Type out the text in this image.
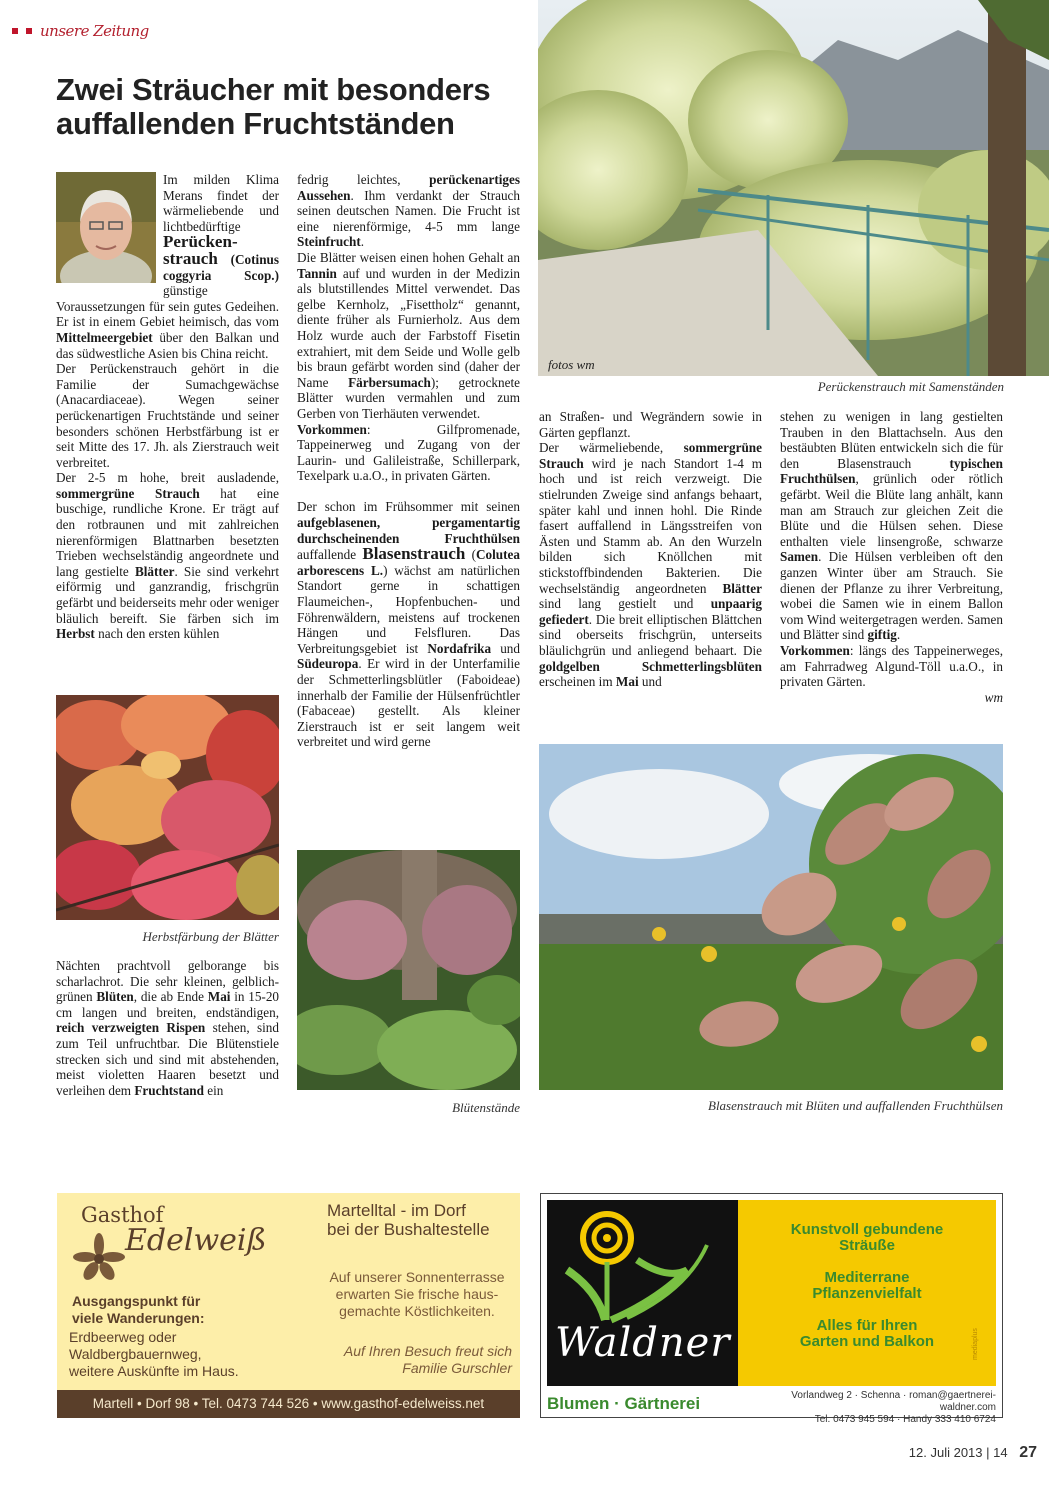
unsere Zeitung
Zwei Sträucher mit besonders
auffallenden Fruchtständen
fotos wm
Perückenstrauch mit Samenständen

Im milden Klima Merans findet der wärmeliebende und lichtbedürftige Perückenstrauch (Cotinus coggyria Scop.) günstige Voraussetzungen für sein gutes Gedeihen. Er ist in einem Gebiet heimisch, das vom Mittelmeergebiet über den Balkan und das südwestliche Asien bis China reicht.

Der Perückenstrauch gehört in die Familie der Sumachgewächse (Anacardiaceae). Wegen seiner perückenartigen Fruchtstände und seiner besonders schönen Herbstfärbung ist er seit Mitte des 17. Jh. als Zierstrauch weit verbreitet.

Der 2-5 m hohe, breit ausladende, sommergrüne Strauch hat eine buschige, rundliche Krone. Er trägt auf den rotbraunen und mit zahlreichen nierenförmigen Blattnarben besetzten Trieben wechselständig angeordnete und lang gestielte Blätter. Sie sind verkehrt eiförmig und ganzrandig, frischgrün gefärbt und beiderseits mehr oder weniger bläulich bereift. Sie färben sich im Herbst nach den ersten kühlen

Herbstfärbung der Blätter

Nächten prachtvoll gelborange bis scharlachrot. Die sehr kleinen, gelblich-grünen Blüten, die ab Ende Mai in 15-20 cm langen und breiten, endständigen, reich verzweigten Rispen stehen, sind zum Teil unfruchtbar. Die Blütenstiele strecken sich und sind mit abstehenden, meist violetten Haaren besetzt und verleihen dem Fruchtstand ein

fedrig leichtes, perückenartiges Aussehen. Ihm verdankt der Strauch seinen deutschen Namen. Die Frucht ist eine nierenförmige, 4-5 mm lange Steinfrucht.

Die Blätter weisen einen hohen Gehalt an Tannin auf und wurden in der Medizin als blutstillendes Mittel verwendet. Das gelbe Kernholz, „Fisettholz“ genannt, diente früher als Furnierholz. Aus dem Holz wurde auch der Farbstoff Fisetin extrahiert, mit dem Seide und Wolle gelb bis braun gefärbt worden sind (daher der Name Färbersumach); getrocknete Blätter wurden vermahlen und zum Gerben von Tierhäuten verwendet.

Vorkommen: Gilfpromenade, Tappeinerweg und Zugang von der Laurin- und Galileistraße, Schillerpark, Texelpark u.a.O., in privaten Gärten.

Der schon im Frühsommer mit seinen aufgeblasenen, pergamentartig durchscheinenden Fruchthülsen auffallende Blasenstrauch (Colutea arborescens L.) wächst am natürlichen Standort gerne in schattigen Flaumeichen-, Hopfenbuchen- und Föhrenwäldern, meistens auf trockenen Hängen und Felsfluren. Das Verbreitungsgebiet ist Nordafrika und Südeuropa. Er wird in der Unterfamilie der Schmetterlingsblütler (Faboideae) innerhalb der Familie der Hülsenfrüchtler (Fabaceae) gestellt. Als kleiner Zierstrauch ist er seit langem weit verbreitet und wird gerne

Blütenstände

an Straßen- und Wegrändern sowie in Gärten gepflanzt.

Der wärmeliebende, sommergrüne Strauch wird je nach Standort 1-4 m hoch und ist reich verzweigt. Die stielrunden Zweige sind anfangs behaart, später kahl und innen hohl. Die Rinde fasert auffallend in Längsstreifen von Ästen und Stamm ab. An den Wurzeln bilden sich Knöllchen mit stickstoffbindenden Bakterien. Die wechselständig angeordneten Blätter sind lang gestielt und unpaarig gefiedert. Die breit elliptischen Blättchen sind oberseits frischgrün, unterseits bläulichgrün und anliegend behaart. Die goldgelben Schmetterlingsblüten erscheinen im Mai und

stehen zu wenigen in lang gestielten Trauben in den Blattachseln. Aus den bestäubten Blüten entwickeln sich die für den Blasenstrauch typischen Fruchthülsen, grünlich oder rötlich gefärbt. Weil die Blüte lang anhält, kann man am Strauch zur gleichen Zeit die Blüte und die Hülsen sehen. Diese enthalten viele linsengroße, schwarze Samen. Die Hülsen verbleiben oft den ganzen Winter über am Strauch. Sie dienen der Pflanze zu ihrer Verbreitung, wobei die Samen wie in einem Ballon vom Wind weitergetragen werden. Samen und Blätter sind giftig.

Vorkommen: längs des Tappeinerweges, am Fahrradweg Algund-Töll u.a.O., in privaten Gärten.

wm

Blasenstrauch mit Blüten und auffallenden Fruchthülsen
Gasthof
Edelweiß
Martelltal - im Dorf
bei der Bushaltestelle
Auf unserer Sonnenterrasse
erwarten Sie frische haus-
gemachte Köstlichkeiten.
Auf Ihren Besuch freut sich
Familie Gurschler
Ausgangspunkt für
viele Wanderungen:
Erdbeerweg oder
Waldbergbauernweg,
weitere Auskünfte im Haus.
Martell • Dorf 98 • Tel. 0473 744 526 • www.gasthof-edelweiss.net
Waldner
Blumen · Gärtnerei
Kunstvoll gebundene
Sträuße
Mediterrane
Pflanzenvielfalt
Alles für Ihren
Garten und Balkon	mediaplus
Vorlandweg 2 · Schenna · roman@gaertnerei-waldner.com
Tel. 0473 945 594 · Handy 333 410 6724
12. Juli 2013 | 14 27
